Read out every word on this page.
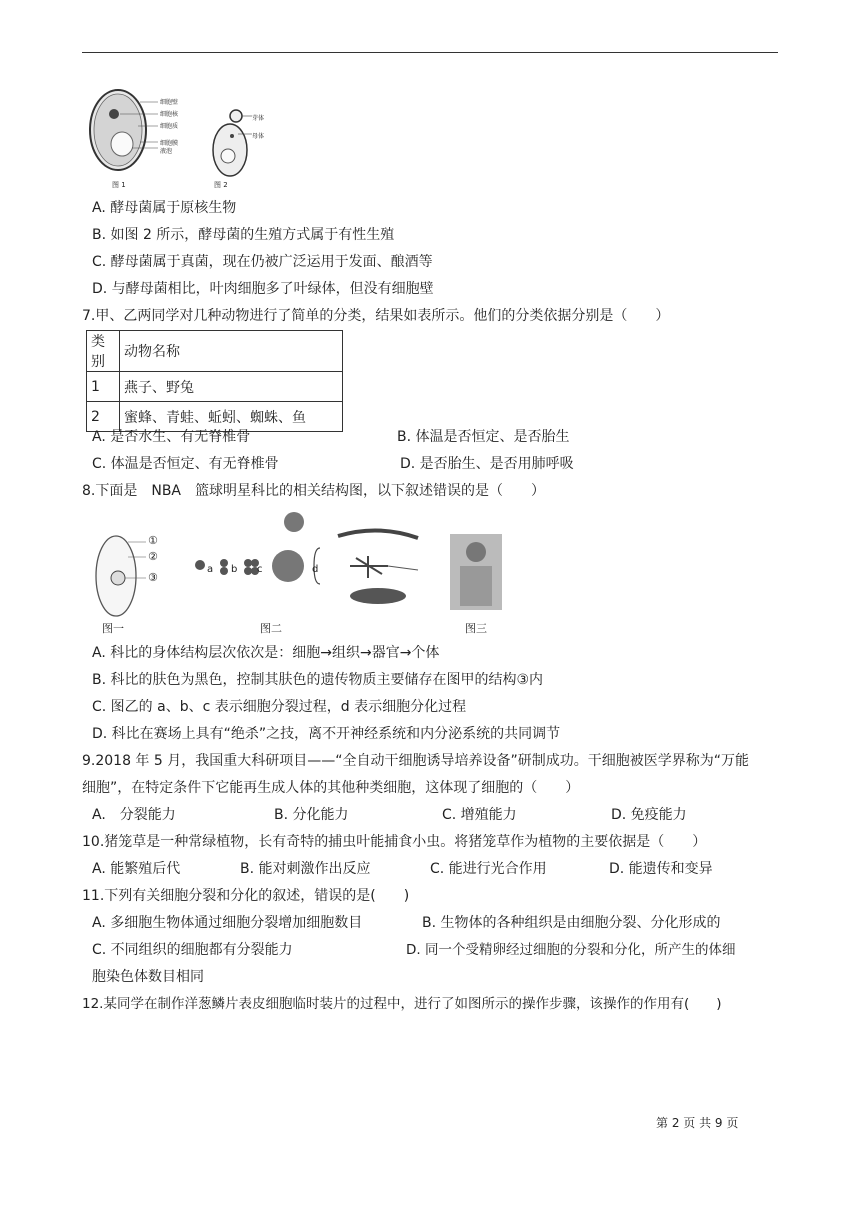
细胞壁
细胞核
细胞质
细胞膜
液泡
芽体
母体
图 1	图 2
A. 酵母菌属于原核生物
B. 如图 2 所示，酵母菌的生殖方式属于有性生殖
C. 酵母菌属于真菌，现在仍被广泛运用于发面、酿酒等
D. 与酵母菌相比，叶肉细胞多了叶绿体，但没有细胞壁
7.甲、乙两同学对几种动物进行了简单的分类，结果如表所示。他们的分类依据分别是（　　）
类别	动物名称
1	燕子、野兔
2	蜜蜂、青蛙、蚯蚓、蜘蛛、鱼
A. 是否水生、有无脊椎骨	B. 体温是否恒定、是否胎生
C. 体温是否恒定、有无脊椎骨	D. 是否胎生、是否用肺呼吸
8.下面是　NBA　篮球明星科比的相关结构图，以下叙述错误的是（　　）
①
②
③
a b c	d
图一	图二	图三
A. 科比的身体结构层次依次是：细胞→组织→器官→个体
B. 科比的肤色为黑色，控制其肤色的遗传物质主要储存在图甲的结构③内
C. 图乙的 a、b、c 表示细胞分裂过程，d 表示细胞分化过程
D. 科比在赛场上具有“绝杀”之技，离不开神经系统和内分泌系统的共同调节
9.2018 年 5 月，我国重大科研项目——“全自动干细胞诱导培养设备”研制成功。干细胞被医学界称为“万能
细胞”，在特定条件下它能再生成人体的其他种类细胞，这体现了细胞的（　　）
A.　分裂能力	B. 分化能力	C. 增殖能力	D. 免疫能力
10.猪笼草是一种常绿植物，长有奇特的捕虫叶能捕食小虫。将猪笼草作为植物的主要依据是（　　）
A. 能繁殖后代	B. 能对刺激作出反应	C. 能进行光合作用	D. 能遗传和变异
11.下列有关细胞分裂和分化的叙述，错误的是(　　)
A. 多细胞生物体通过细胞分裂增加细胞数目	B. 生物体的各种组织是由细胞分裂、分化形成的
C. 不同组织的细胞都有分裂能力	D. 同一个受精卵经过细胞的分裂和分化，所产生的体细
胞染色体数目相同
12.某同学在制作洋葱鳞片表皮细胞临时装片的过程中，进行了如图所示的操作步骤，该操作的作用有(　　)
第 2 页 共 9 页
